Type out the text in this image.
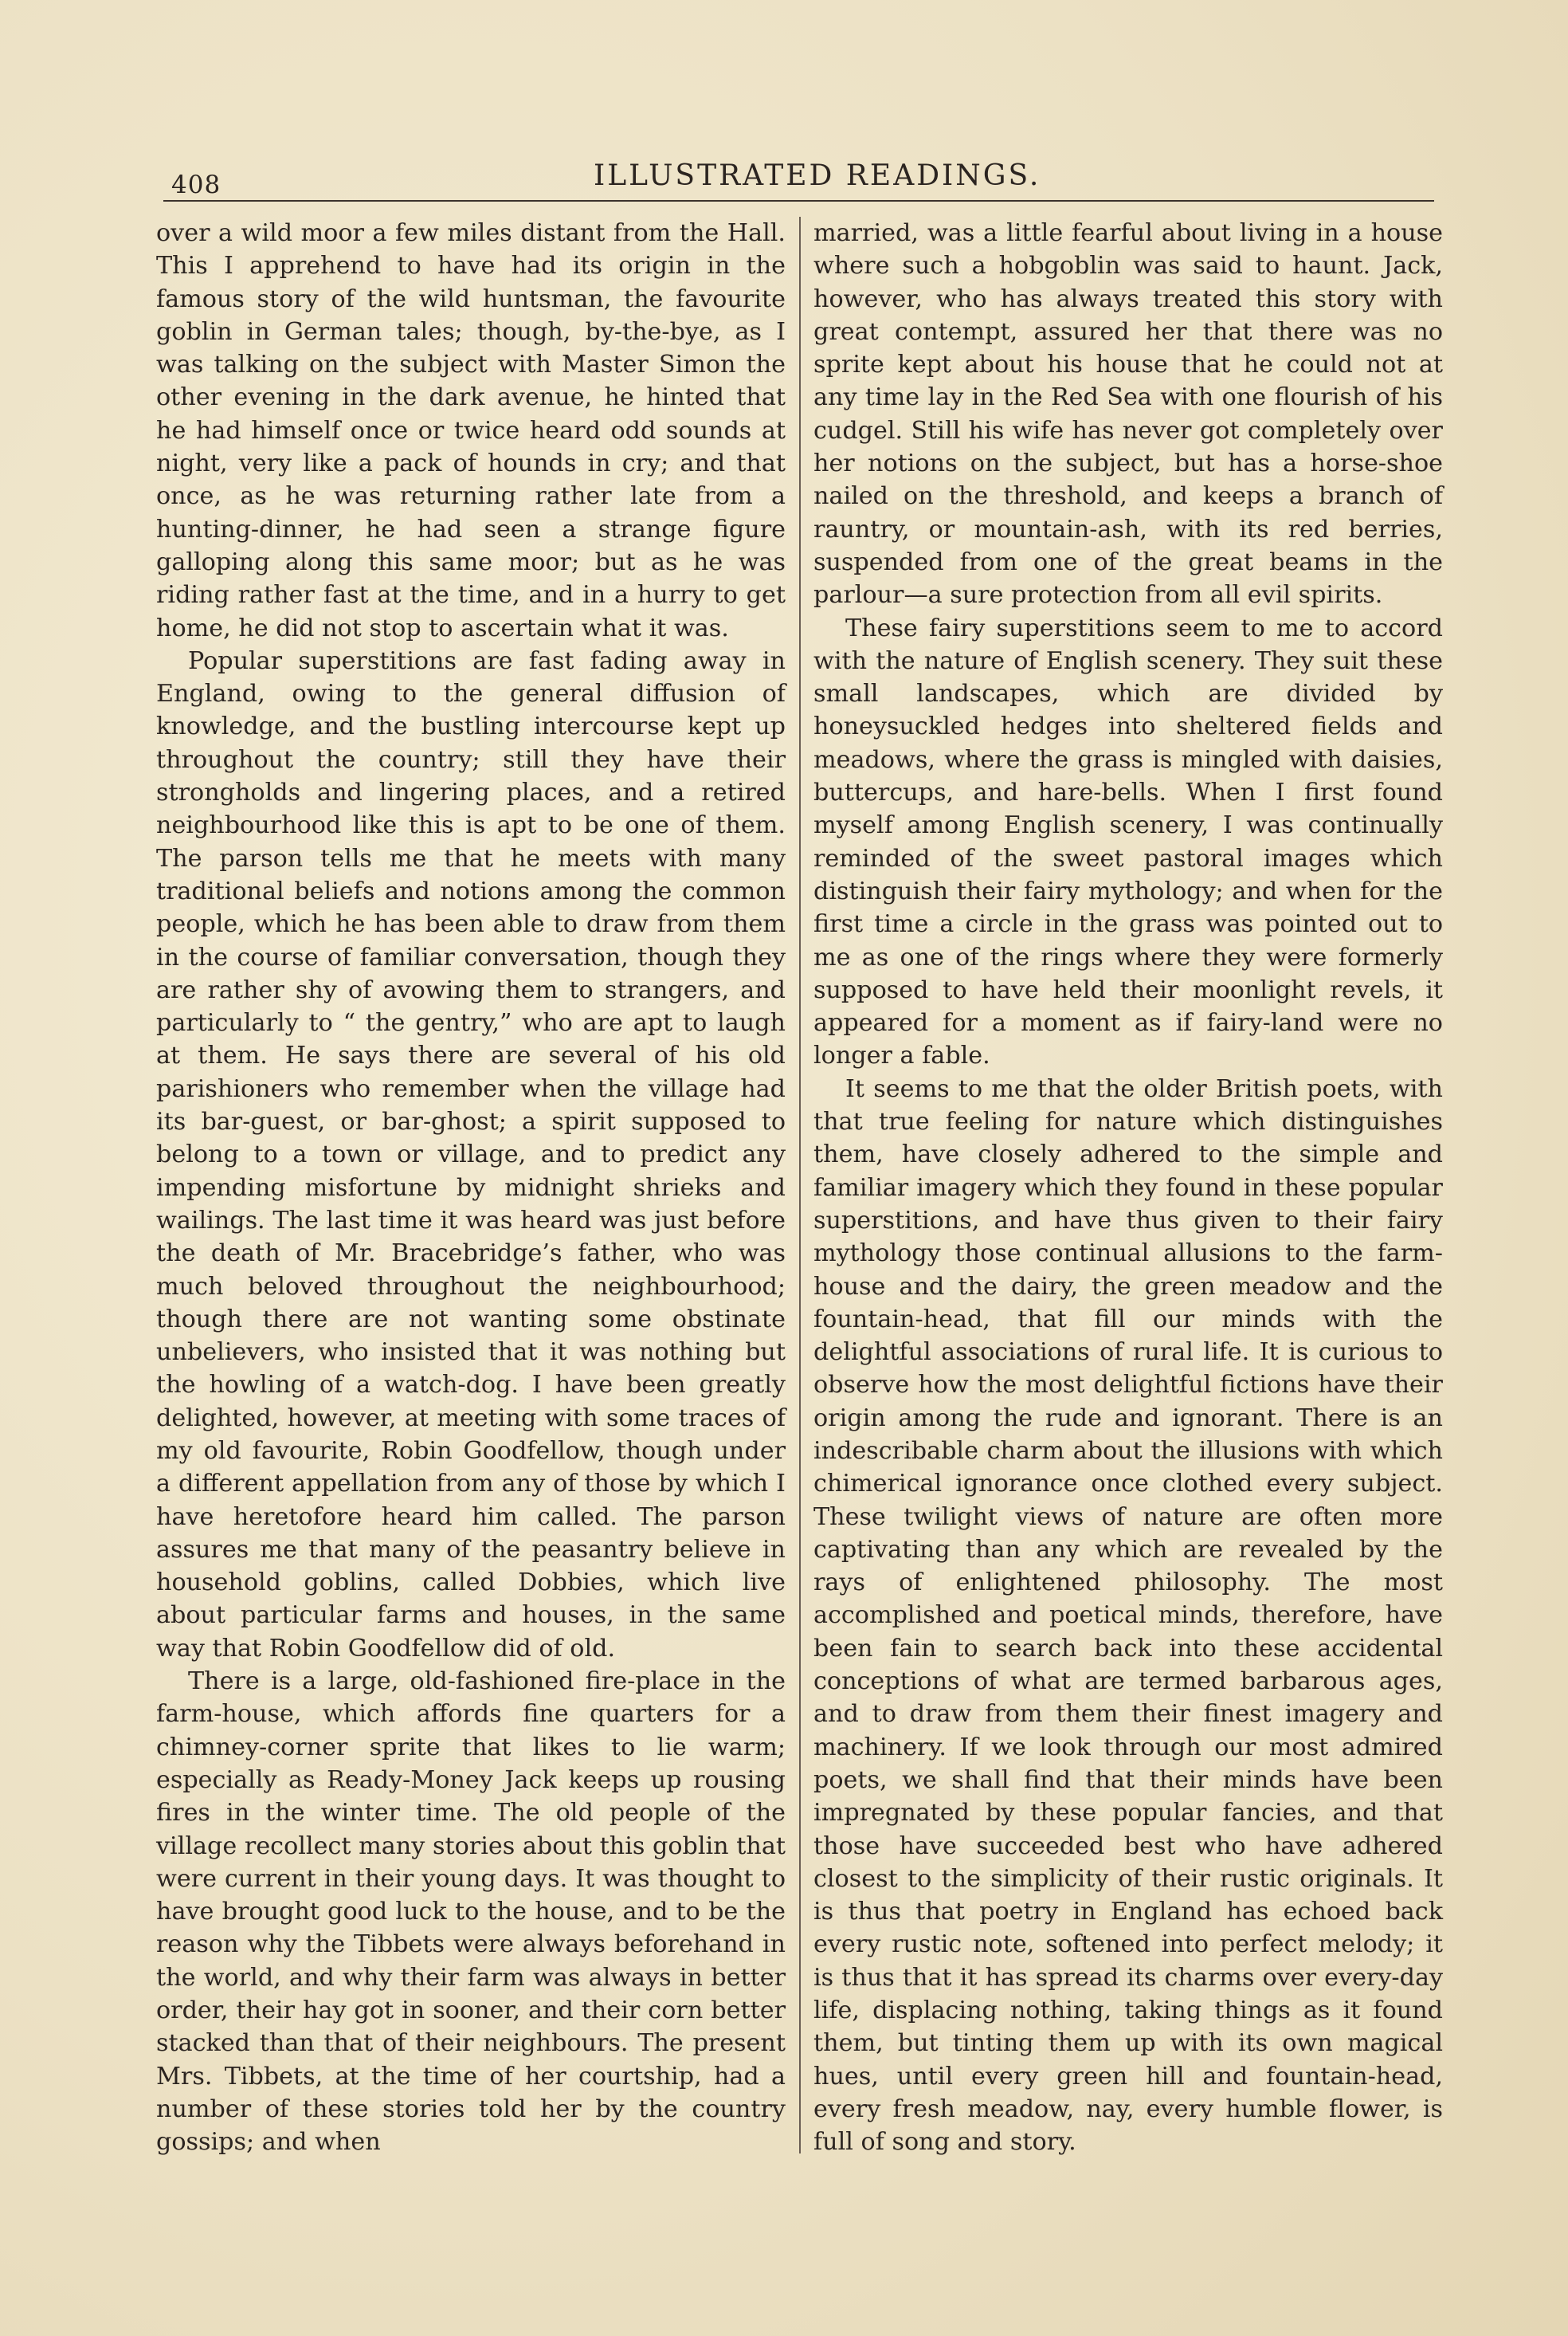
408	ILLUSTRATED READINGS.

over a wild moor a few miles distant from the Hall. This I apprehend to have had its origin in the famous story of the wild huntsman, the favourite goblin in German tales; though, by-the-bye, as I was talking on the subject with Master Simon the other evening in the dark avenue, he hinted that he had himself once or twice heard odd sounds at night, very like a pack of hounds in cry; and that once, as he was returning rather late from a hunting-dinner, he had seen a strange figure galloping along this same moor; but as he was riding rather fast at the time, and in a hurry to get home, he did not stop to ascertain what it was.

Popular superstitions are fast fading away in England, owing to the general diffusion of knowledge, and the bustling intercourse kept up throughout the country; still they have their strongholds and lingering places, and a retired neighbourhood like this is apt to be one of them. The parson tells me that he meets with many traditional beliefs and notions among the common people, which he has been able to draw from them in the course of familiar conversation, though they are rather shy of avowing them to strangers, and particularly to “ the gentry,” who are apt to laugh at them. He says there are several of his old parishioners who remember when the village had its bar-guest, or bar-ghost; a spirit supposed to belong to a town or village, and to predict any impending misfortune by midnight shrieks and wailings. The last time it was heard was just before the death of Mr. Bracebridge’s father, who was much beloved throughout the neighbourhood; though there are not wanting some obstinate unbelievers, who insisted that it was nothing but the howling of a watch-dog. I have been greatly delighted, however, at meeting with some traces of my old favourite, Robin Goodfellow, though under a different appellation from any of those by which I have heretofore heard him called. The parson assures me that many of the peasantry believe in household goblins, called Dobbies, which live about particular farms and houses, in the same way that Robin Goodfellow did of old.

There is a large, old-fashioned fire-place in the farm-house, which affords fine quarters for a chimney-corner sprite that likes to lie warm; especially as Ready-Money Jack keeps up rousing fires in the winter time. The old people of the village recollect many stories about this goblin that were current in their young days. It was thought to have brought good luck to the house, and to be the reason why the Tibbets were always beforehand in the world, and why their farm was always in better order, their hay got in sooner, and their corn better stacked than that of their neighbours. The present Mrs. Tibbets, at the time of her courtship, had a number of these stories told her by the country gossips; and when

married, was a little fearful about living in a house where such a hobgoblin was said to haunt. Jack, however, who has always treated this story with great contempt, assured her that there was no sprite kept about his house that he could not at any time lay in the Red Sea with one flourish of his cudgel. Still his wife has never got completely over her notions on the subject, but has a horse-shoe nailed on the threshold, and keeps a branch of rauntry, or mountain-ash, with its red berries, suspended from one of the great beams in the parlour—a sure protection from all evil spirits.

These fairy superstitions seem to me to accord with the nature of English scenery. They suit these small landscapes, which are divided by honeysuckled hedges into sheltered fields and meadows, where the grass is mingled with daisies, buttercups, and hare-bells. When I first found myself among English scenery, I was continually reminded of the sweet pastoral images which distinguish their fairy mythology; and when for the first time a circle in the grass was pointed out to me as one of the rings where they were formerly supposed to have held their moonlight revels, it appeared for a moment as if fairy-land were no longer a fable.

It seems to me that the older British poets, with that true feeling for nature which distinguishes them, have closely adhered to the simple and familiar imagery which they found in these popular superstitions, and have thus given to their fairy mythology those continual allusions to the farm-house and the dairy, the green meadow and the fountain-head, that fill our minds with the delightful associations of rural life. It is curious to observe how the most delightful fictions have their origin among the rude and ignorant. There is an indescribable charm about the illusions with which chimerical ignorance once clothed every subject. These twilight views of nature are often more captivating than any which are revealed by the rays of enlightened philosophy. The most accomplished and poetical minds, therefore, have been fain to search back into these accidental conceptions of what are termed barbarous ages, and to draw from them their finest imagery and machinery. If we look through our most admired poets, we shall find that their minds have been impregnated by these popular fancies, and that those have succeeded best who have adhered closest to the simplicity of their rustic originals. It is thus that poetry in England has echoed back every rustic note, softened into perfect melody; it is thus that it has spread its charms over every-day life, displacing nothing, taking things as it found them, but tinting them up with its own magical hues, until every green hill and fountain-head, every fresh meadow, nay, every humble flower, is full of song and story.
